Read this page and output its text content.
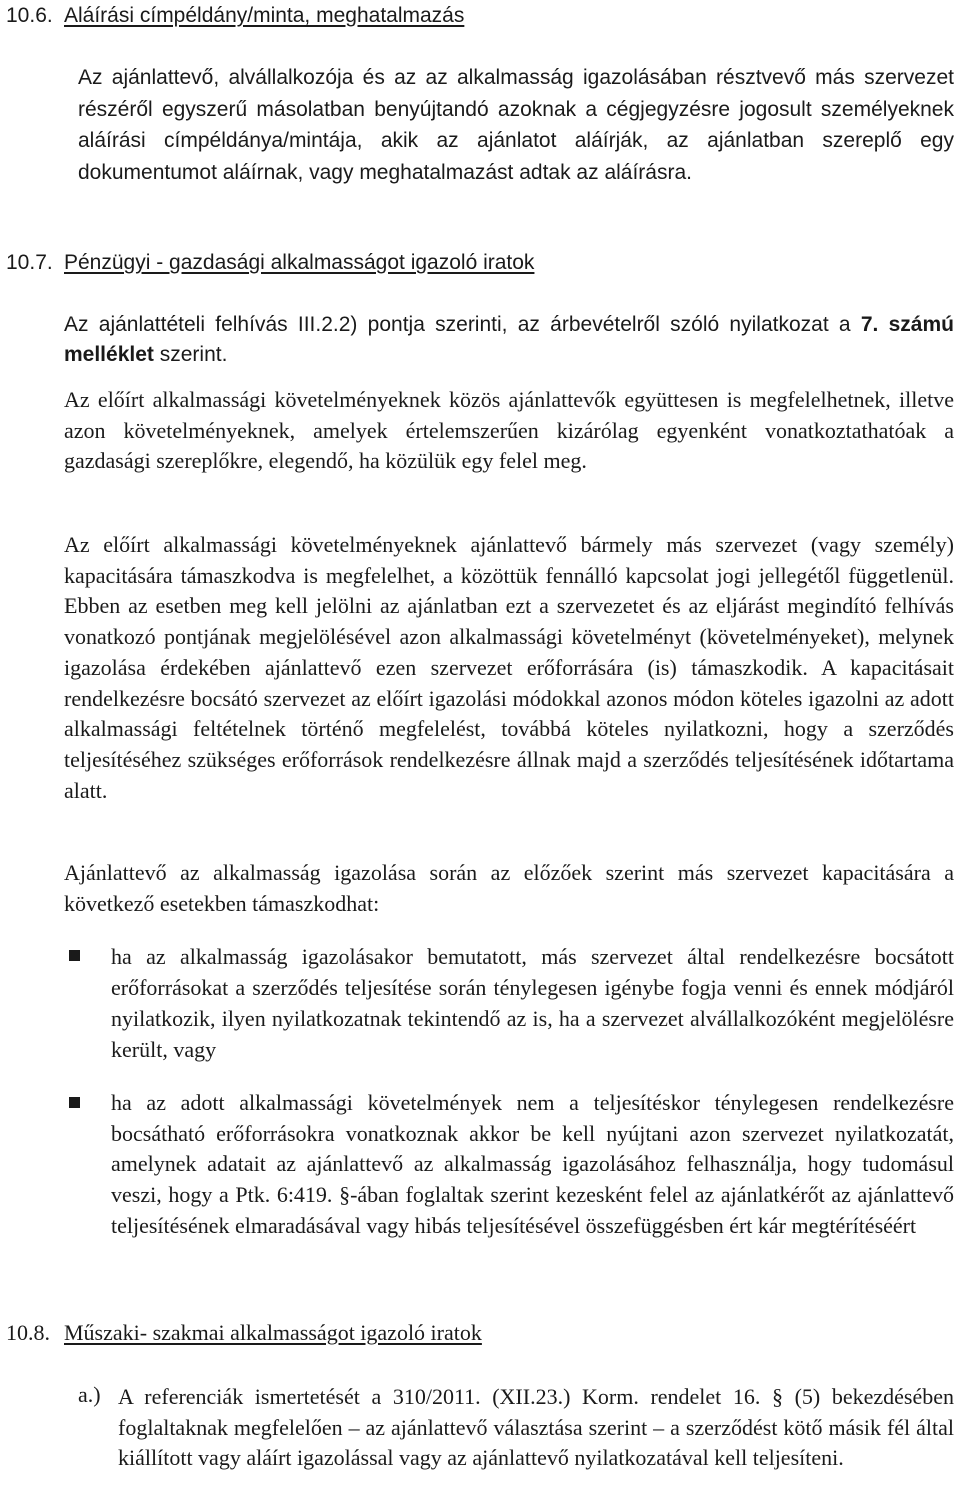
10.6. Aláírási címpéldány/minta, meghatalmazás
Az ajánlattevő, alvállalkozója és az az alkalmasság igazolásában résztvevő más szervezet részéről egyszerű másolatban benyújtandó azoknak a cégjegyzésre jogosult személyeknek aláírási címpéldánya/mintája, akik az ajánlatot aláírják, az ajánlatban szereplő egy dokumentumot aláírnak, vagy meghatalmazást adtak az aláírásra.
10.7. Pénzügyi - gazdasági alkalmasságot igazoló iratok
Az ajánlattételi felhívás III.2.2) pontja szerinti, az árbevételről szóló nyilatkozat a 7. számú melléklet szerint.
Az előírt alkalmassági követelményeknek közös ajánlattevők együttesen is megfelelhetnek, illetve azon követelményeknek, amelyek értelemszerűen kizárólag egyenként vonatkoztathatóak a gazdasági szereplőkre, elegendő, ha közülük egy felel meg.
Az előírt alkalmassági követelményeknek ajánlattevő bármely más szervezet (vagy személy) kapacitására támaszkodva is megfelelhet, a közöttük fennálló kapcsolat jogi jellegétől függetlenül. Ebben az esetben meg kell jelölni az ajánlatban ezt a szervezetet és az eljárást megindító felhívás vonatkozó pontjának megjelölésével azon alkalmassági követelményt (követelményeket), melynek igazolása érdekében ajánlattevő ezen szervezet erőforrására (is) támaszkodik. A kapacitásait rendelkezésre bocsátó szervezet az előírt igazolási módokkal azonos módon köteles igazolni az adott alkalmassági feltételnek történő megfelelést, továbbá köteles nyilatkozni, hogy a szerződés teljesítéséhez szükséges erőforrások rendelkezésre állnak majd a szerződés teljesítésének időtartama alatt.
Ajánlattevő az alkalmasság igazolása során az előzőek szerint más szervezet kapacitására a következő esetekben támaszkodhat:
ha az alkalmasság igazolásakor bemutatott, más szervezet által rendelkezésre bocsátott erőforrásokat a szerződés teljesítése során ténylegesen igénybe fogja venni és ennek módjáról nyilatkozik, ilyen nyilatkozatnak tekintendő az is, ha a szervezet alvállalkozóként megjelölésre került, vagy
ha az adott alkalmassági követelmények nem a teljesítéskor ténylegesen rendelkezésre bocsátható erőforrásokra vonatkoznak akkor be kell nyújtani azon szervezet nyilatkozatát, amelynek adatait az ajánlattevő az alkalmasság igazolásához felhasználja, hogy tudomásul veszi, hogy a Ptk. 6:419. §-ában foglaltak szerint kezesként felel az ajánlatkérőt az ajánlattevő teljesítésének elmaradásával vagy hibás teljesítésével összefüggésben ért kár megtérítéséért
10.8. Műszaki- szakmai alkalmasságot igazoló iratok
a.) A referenciák ismertetését a 310/2011. (XII.23.) Korm. rendelet 16. § (5) bekezdésében foglaltaknak megfelelően – az ajánlattevő választása szerint – a szerződést kötő másik fél által kiállított vagy aláírt igazolással vagy az ajánlattevő nyilatkozatával kell teljesíteni.
